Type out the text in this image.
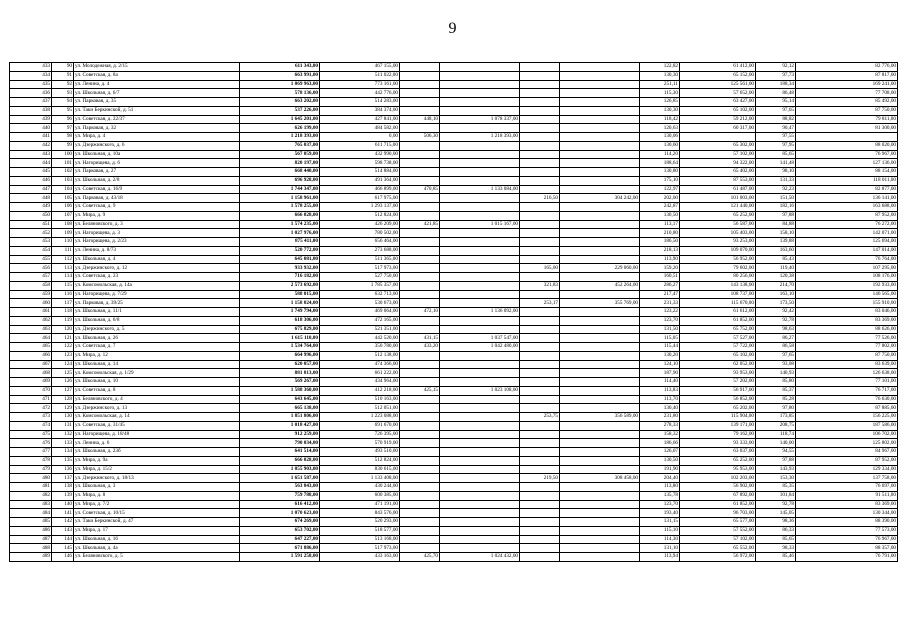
9
433	90	ул. Молодежная, д. 2/15	611 343,00	467 155,00					122,82	61 412,00	92,12	82 776,00
434	91	ул. Советская, д. 8а	663 991,00	511 022,00					130,30	65 152,00	97,73	87 817,00
435	92	ул. Ленина, д. 4	1 069 963,00	773 161,00					251,11	125 561,00	188,34	169 241,00
436	93	ул. Школьная, д. 6/7	578 136,00	442 776,00					115,30	57 652,00	86,48	77 708,00
437	94	ул. Парковая, д. 35	663 202,00	514 283,00					126,85	63 427,00	95,14	85 492,00
438	95	ул. Таки Беркинской, д. 51	537 226,00	384 374,00					130,30	65 102,00	97,65	87 750,00
439	96	ул. Советская, д. 22/37	1 645 201,00	427 841,00	448,10	1 078 337,00			118,42	59 212,00	88,82	79 811,00
440	97	ул. Парковая, д. 32	626 199,00	484 582,00					120,63	60 317,00	90,47	81 300,00
441	98	ул. Мира, д. 4	1 218 393,00	0,00	506,30	1 218 393,00			130,06		97,55	
442	99	ул. Дзержинского, д. 6	765 037,00	611 715,00					130,60	65 302,00	97,95	88 020,00
443	100	ул. Школьная, д. 10а	567 059,00	432 990,00					114,20	57 102,00	85,65	76 967,00
444	101	ул. Нагорищева, д. 6	820 197,00	598 738,00					188,64	94 322,00	141,48	127 136,00
445	102	ул. Парковая, д. 27	668 440,00	514 884,00					130,80	65 402,00	98,10	88 154,00
446	103	ул. Школьная, д. 2/8	696 928,00	491 364,00					175,10	87 553,00	131,33	118 011,00
447	104	ул. Советская, д. 16/9	1 744 347,00	466 899,00	470,85	1 133 084,00			122,97	61 487,00	92,23	82 877,00
448	105	ул. Парковая, д. 43/18	1 158 961,00	617 975,00			216,50	304 242,00	202,00	101 003,00	151,50	136 141,00
449	106	ул. Советская, д. 9	1 578 255,00	1 293 137,00					242,87	121 440,00	182,16	163 688,00
450	107	ул. Мира, д. 9	666 028,00	512 824,00					130,50	65 252,00	97,88	87 952,00
451	108	ул. Беляновского, д. 3	1 574 235,00	426 209,00	421,85	1 015 167,00			113,17	56 587,00	84,88	76 272,00
452	109	ул. Нагорищева, д. 3	1 027 976,00	780 502,00					210,80	105 403,00	158,10	142 071,00
453	110	ул. Нагорищева, д. 2/23	875 411,00	656 464,00					186,50	93 253,00	139,88	125 694,00
454	111	ул. Ленина, д. 8/73	520 772,00	273 688,00					218,13	109 070,00	163,60	147 014,00
455	112	ул. Школьная, д. 4	645 081,00	511 365,00					113,90	56 952,00	85,43	76 764,00
456	113	ул. Дзержинского, д. 12	933 932,00	517 973,00			165,00	229 060,00	159,20	79 602,00	119,40	107 295,00
457	114	ул. Советская, д. 23	716 182,00	527 750,00					160,51	80 256,00	120,38	108 176,00
458	115	ул. Комсомольская, д. 14а	2 573 692,00	1 785 357,00			321,83	452 264,00	286,27	143 138,00	214,70	192 933,00
459	116	ул. Нагорищева, д. 7/29	588 015,00	632 713,00					217,47	108 737,00	163,10	146 565,00
460	117	ул. Парковая, д. 39/25	1 158 024,00	530 673,00			253,17	355 769,00	231,33	115 670,00	173,50	155 910,00
461	118	ул. Школьная, д. 11/1	1 749 794,00	469 064,00	472,10	1 136 092,00			123,22	61 612,00	92,42	83 046,00
462	119	ул. Школьная, д. 6/8	618 306,00	472 165,00					123,70	61 852,00	92,78	83 369,00
463	120	ул. Дзержинского, д. 5	675 829,00	521 351,00					131,50	65 752,00	98,63	88 626,00
464	121	ул. Школьная, д. 26	1 615 110,00	442 520,00	431,15	1 037 547,00			115,05	57 527,00	86,27	77 526,00
465	122	ул. Советская, д. 7	1 534 764,00	350 780,00	433,20	1 042 480,00			115,44	57 722,00	86,58	77 802,00
466	123	ул. Мира, д. 12	664 996,00	512 138,00					130,20	65 102,00	97,65	87 750,00
467	124	ул. Школьная, д. 14	620 057,00	474 366,00					124,10	62 052,00	93,08	83 639,00
468	125	ул. Комсомольская, д. 1/29	881 813,00	661 222,00					187,90	93 953,00	140,93	126 638,00
469	126	ул. Школьная, д. 10	569 267,00	434 964,00					114,40	57 202,00	85,80	77 101,00
470	127	ул. Советская, д. 8	1 588 360,00	412 218,00	425,15	1 023 108,00			113,83	56 917,00	85,37	76 717,00
471	128	ул. Беляновского, д. 4	643 645,00	510 163,00					113,70	56 852,00	85,28	76 630,00
472	129	ул. Дзержинского, д. 13	665 138,00	512 051,00					130,40	65 202,00	97,80	87 885,00
473	130	ул. Комсомольская, д. 14	1 851 806,00	1 223 088,00			253,75	356 589,00	231,80	115 904,00	173,85	156 225,00
474	131	ул. Советская, д. 31/45	1 018 427,00	691 670,00					278,33	139 171,00	208,75	187 586,00
475	132	ул. Нагорищева, д. 18/48	912 259,00	726 395,00					158,32	79 162,00	118,74	106 702,00
476	133	ул. Ленина, д. 6	790 034,00	570 919,00					186,66	93 333,00	140,00	125 802,00
477	134	ул. Школьная, д. 23б	641 514,00	493 510,00					126,07	63 037,00	94,55	84 967,00
478	135	ул. Мира, д. 9а	666 028,00	512 824,00					130,50	65 252,00	97,88	87 952,00
479	136	ул. Мира, д. 15/2	1 055 903,00	830 615,00					191,90	95 953,00	143,93	129 334,00
480	137	ул. Дзержинского, д. 18/13	1 651 587,00	1 133 408,00			219,50	308 458,00	204,40	102 203,00	153,30	137 758,00
481	138	ул. Школьная, д. 3	563 843,00	430 244,00					113,80	56 902,00	85,35	76 697,00
482	139	ул. Мира, д. 8	759 788,00	600 385,00					135,78	67 892,00	101,84	91 511,00
483	140	ул. Мира, д. 7/2	616 412,00	471 191,00					123,70	61 852,00	92,78	83 369,00
484	141	ул. Советская, д. 10/15	1 070 623,00	843 576,00					193,40	96 703,00	145,05	130 344,00
485	142	ул. Таки Беркинской, д. 47	674 269,00	520 293,00					131,15	65 577,00	98,36	88 390,00
486	143	ул. Мира, д. 17	653 702,00	518 577,00					115,10	57 552,00	86,33	77 573,00
487	144	ул. Школьная, д. 16	647 227,00	513 168,00					114,30	57 102,00	85,65	76 967,00
488	145	ул. Школьная, д. 4а	671 886,00	517 973,00					131,10	65 552,00	98,33	88 357,00
489	146	ул. Беляновского, д. 5	1 591 258,00	433 163,00	425,70	1 024 432,00			113,94	56 972,00	85,46	76 791,00
